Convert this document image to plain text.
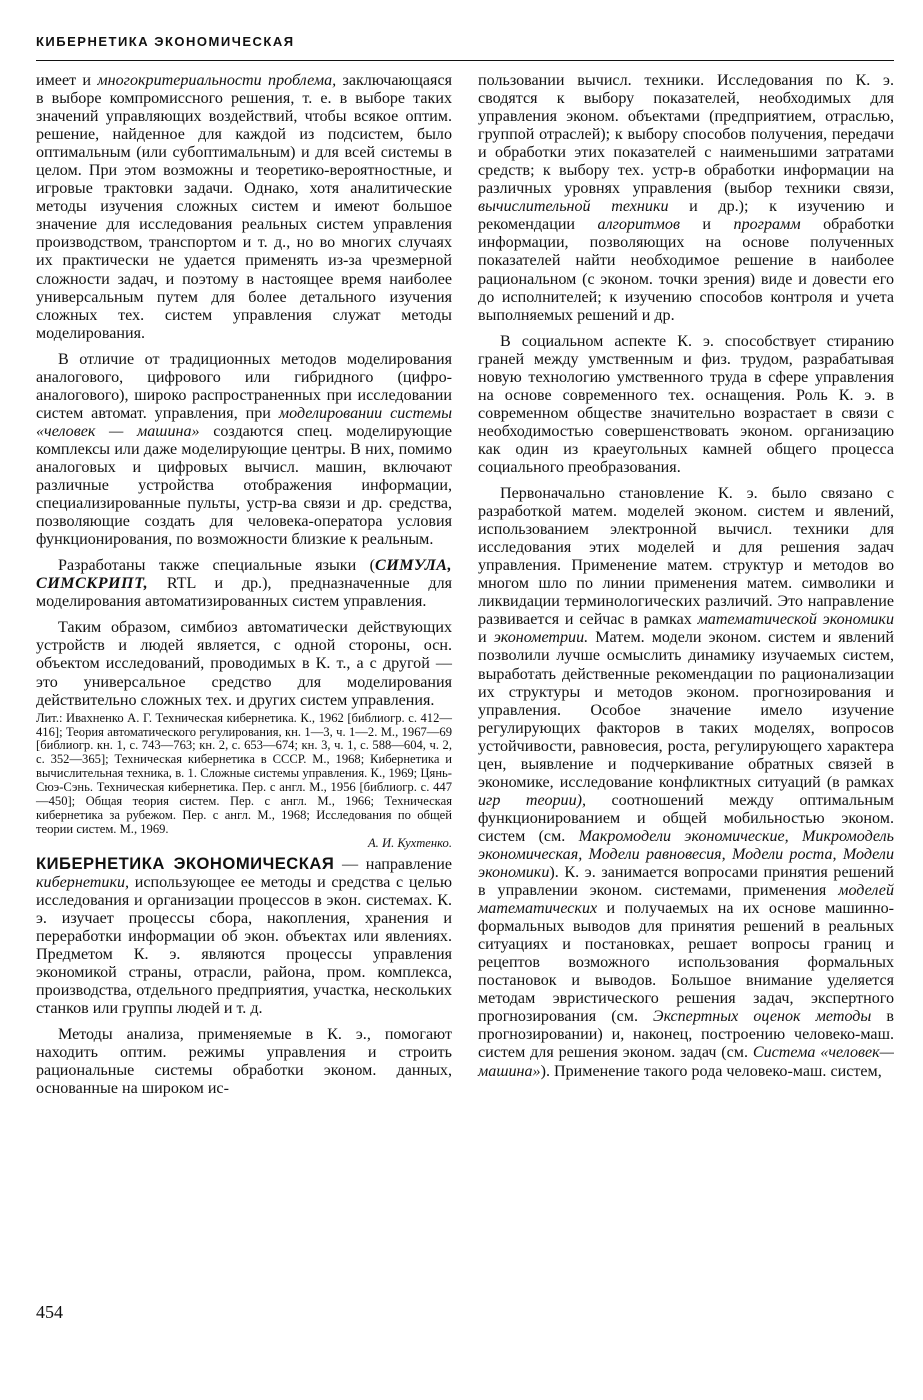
КИБЕРНЕТИКА ЭКОНОМИЧЕСКАЯ

имеет и многокритериальности проблема, заключающаяся в выборе компромиссного решения, т. е. в выборе таких значений управляющих воздействий, чтобы всякое оптим. решение, найденное для каждой из подсистем, было оптимальным (или субоптимальным) и для всей системы в целом. При этом возможны и теоретико-вероятностные, и игровые трактовки задачи. Однако, хотя аналитические методы изучения сложных систем и имеют большое значение для исследования реальных систем управления производством, транспортом и т. д., но во многих случаях их практически не удается применять из-за чрезмерной сложности задач, и поэтому в настоящее время наиболее универсальным путем для более детального изучения сложных тех. систем управления служат методы моделирования.

В отличие от традиционных методов моделирования аналогового, цифрового или гибридного (цифро-аналогового), широко распространенных при исследовании систем автомат. управления, при моделировании системы «человек — машина» создаются спец. моделирующие комплексы или даже моделирующие центры. В них, помимо аналоговых и цифровых вычисл. машин, включают различные устройства отображения информации, специализированные пульты, устр-ва связи и др. средства, позволяющие создать для человека-оператора условия функционирования, по возможности близкие к реальным.

Разработаны также специальные языки (СИМУЛА, СИМСКРИПТ, RTL и др.), предназначенные для моделирования автоматизированных систем управления.

Таким образом, симбиоз автоматически действующих устройств и людей является, с одной стороны, осн. объектом исследований, проводимых в К. т., а с другой — это универсальное средство для моделирования действительно сложных тех. и других систем управления.

Лит.: Ивахненко А. Г. Техническая кибернетика. К., 1962 [библиогр. с. 412—416]; Теория автоматического регулирования, кн. 1—3, ч. 1—2. М., 1967—69 [библиогр. кн. 1, с. 743—763; кн. 2, с. 653—674; кн. 3, ч. 1, с. 588—604, ч. 2, с. 352—365]; Техническая кибернетика в СССР. М., 1968; Кибернетика и вычислительная техника, в. 1. Сложные системы управления. К., 1969; Цянь-Сюэ-Сэнь. Техническая кибернетика. Пер. с англ. М., 1956 [библиогр. с. 447—450]; Общая теория систем. Пер. с англ. М., 1966; Техническая кибернетика за рубежом. Пер. с англ. М., 1968; Исследования по общей теории систем. М., 1969.
А. И. Кухтенко.

КИБЕРНЕТИКА ЭКОНОМИЧЕСКАЯ — направление кибернетики, использующее ее методы и средства с целью исследования и организации процессов в экон. системах. К. э. изучает процессы сбора, накопления, хранения и переработки информации об экон. объектах или явлениях. Предметом К. э. являются процессы управления экономикой страны, отрасли, района, пром. комплекса, производства, отдельного предприятия, участка, нескольких станков или группы людей и т. д.

Методы анализа, применяемые в К. э., помогают находить оптим. режимы управления и строить рациональные системы обработки эконом. данных, основанные на широком ис-

пользовании вычисл. техники. Исследования по К. э. сводятся к выбору показателей, необходимых для управления эконом. объектами (предприятием, отраслью, группой отраслей); к выбору способов получения, передачи и обработки этих показателей с наименьшими затратами средств; к выбору тех. устр-в обработки информации на различных уровнях управления (выбор техники связи, вычислительной техники и др.); к изучению и рекомендации алгоритмов и программ обработки информации, позволяющих на основе полученных показателей найти необходимое решение в наиболее рациональном (с эконом. точки зрения) виде и довести его до исполнителей; к изучению способов контроля и учета выполняемых решений и др.

В социальном аспекте К. э. способствует стиранию граней между умственным и физ. трудом, разрабатывая новую технологию умственного труда в сфере управления на основе современного тех. оснащения. Роль К. э. в современном обществе значительно возрастает в связи с необходимостью совершенствовать эконом. организацию как один из краеугольных камней общего процесса социального преобразования.

Первоначально становление К. э. было связано с разработкой матем. моделей эконом. систем и явлений, использованием электронной вычисл. техники для исследования этих моделей и для решения задач управления. Применение матем. структур и методов во многом шло по линии применения матем. символики и ликвидации терминологических различий. Это направление развивается и сейчас в рамках математической экономики и эконометрии. Матем. модели эконом. систем и явлений позволили лучше осмыслить динамику изучаемых систем, выработать действенные рекомендации по рационализации их структуры и методов эконом. прогнозирования и управления. Особое значение имело изучение регулирующих факторов в таких моделях, вопросов устойчивости, равновесия, роста, регулирующего характера цен, выявление и подчеркивание обратных связей в экономике, исследование конфликтных ситуаций (в рамках игр теории), соотношений между оптимальным функционированием и общей мобильностью эконом. систем (см. Макромодели экономические, Микромодель экономическая, Модели равновесия, Модели роста, Модели экономики). К. э. занимается вопросами принятия решений в управлении эконом. системами, применения моделей математических и получаемых на их основе машинно-формальных выводов для принятия решений в реальных ситуациях и постановках, решает вопросы границ и рецептов возможного использования формальных постановок и выводов. Большое внимание уделяется методам эвристического решения задач, экспертного прогнозирования (см. Экспертных оценок методы в прогнозировании) и, наконец, построению человеко-маш. систем для решения эконом. задач (см. Система «человек—машина»). Применение такого рода человеко-маш. систем,

454
